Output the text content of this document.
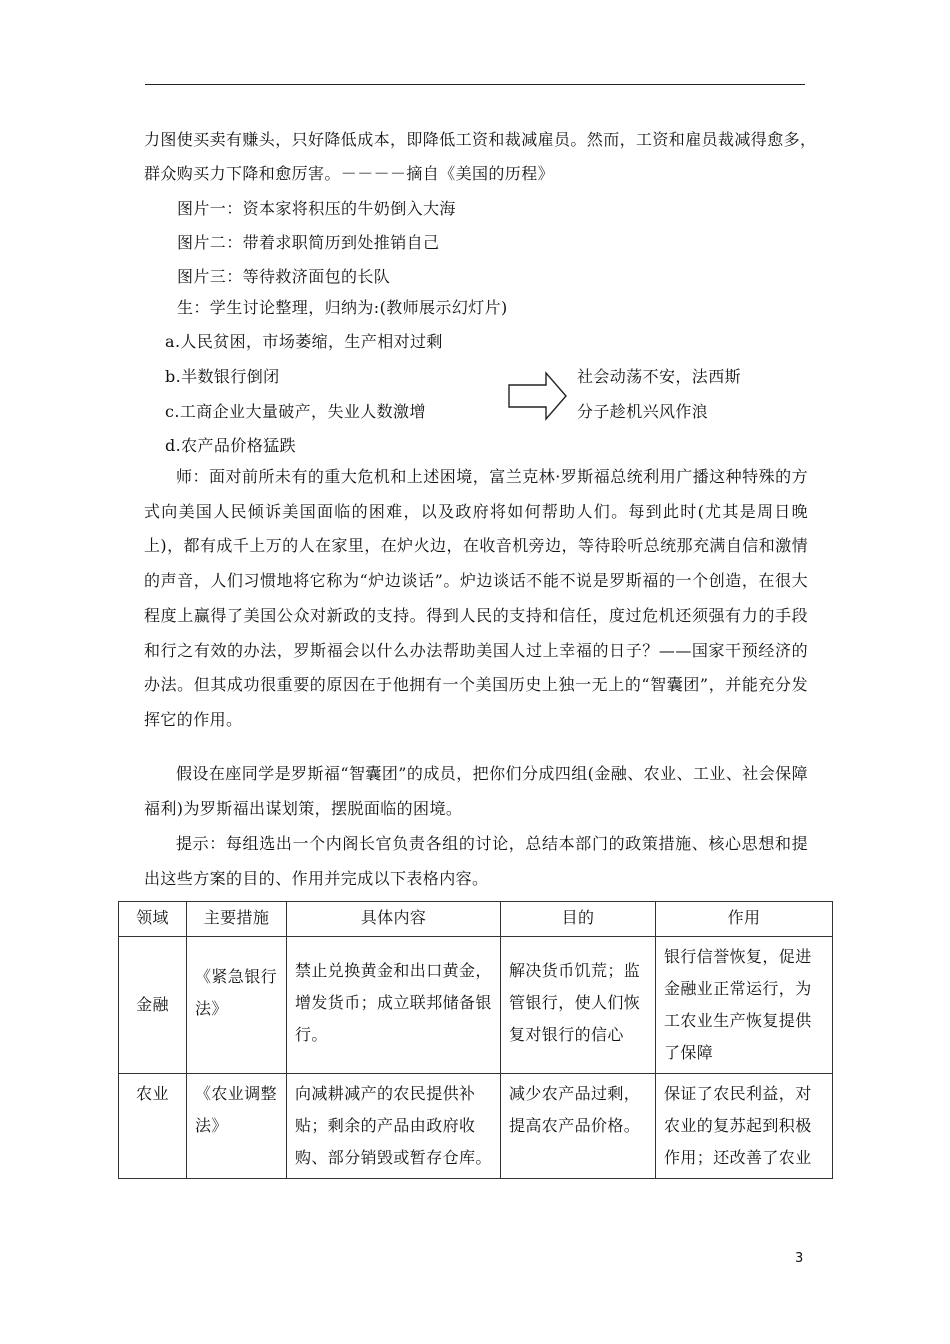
力图使买卖有赚头，只好降低成本，即降低工资和裁减雇员。然而，工资和雇员裁减得愈多，
群众购买力下降和愈厉害。－－－－摘自《美国的历程》
图片一：资本家将积压的牛奶倒入大海
图片二：带着求职简历到处推销自己
图片三：等待救济面包的长队
生：学生讨论整理，归纳为:(教师展示幻灯片)
a.人民贫困，市场萎缩，生产相对过剩
b.半数银行倒闭
c.工商企业大量破产，失业人数激增
d.农产品价格猛跌
社会动荡不安，法西斯
分子趁机兴风作浪

师：面对前所未有的重大危机和上述困境，富兰克林·罗斯福总统利用广播这种特殊的方式向美国人民倾诉美国面临的困难，以及政府将如何帮助人们。每到此时(尤其是周日晚上)，都有成千上万的人在家里，在炉火边，在收音机旁边，等待聆听总统那充满自信和激情的声音，人们习惯地将它称为“炉边谈话”。炉边谈话不能不说是罗斯福的一个创造，在很大程度上赢得了美国公众对新政的支持。得到人民的支持和信任，度过危机还须强有力的手段和行之有效的办法，罗斯福会以什么办法帮助美国人过上幸福的日子？——国家干预经济的办法。但其成功很重要的原因在于他拥有一个美国历史上独一无上的“智囊团”，并能充分发挥它的作用。

假设在座同学是罗斯福“智囊团”的成员，把你们分成四组(金融、农业、工业、社会保障福利)为罗斯福出谋划策，摆脱面临的困境。

提示：每组选出一个内阁长官负责各组的讨论，总结本部门的政策措施、核心思想和提出这些方案的目的、作用并完成以下表格内容。

领域	主要措施	具体内容	目的	作用
金融	《紧急银行法》	禁止兑换黄金和出口黄金，增发货币；成立联邦储备银行。	解决货币饥荒；监管银行，使人们恢复对银行的信心	银行信誉恢复，促进金融业正常运行，为工农业生产恢复提供了保障
农业	《农业调整法》	向减耕减产的农民提供补贴；剩余的产品由政府收购、部分销毁或暂存仓库。	减少农产品过剩，提高农产品价格。	保证了农民利益，对农业的复苏起到积极作用；还改善了农业
3
